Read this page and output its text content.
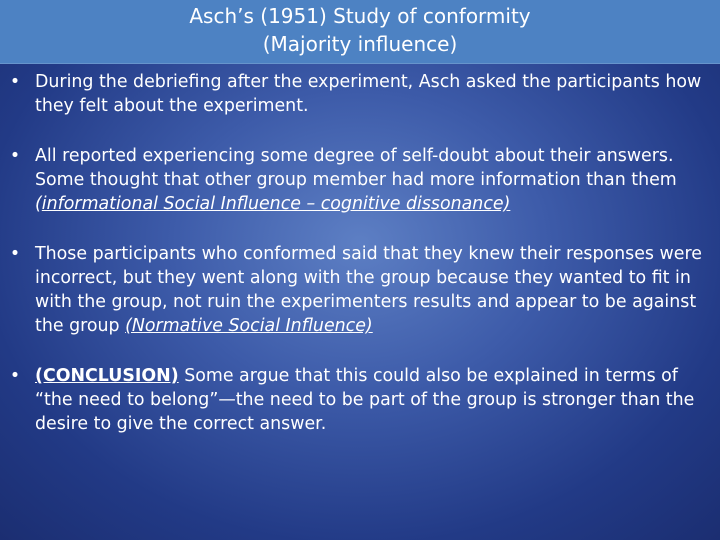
Asch’s (1951) Study of conformity
(Majority influence)
• During the debriefing after the experiment, Asch asked the participants how they felt about the experiment.
• All reported experiencing some degree of self-doubt about their answers. Some thought that other group member had more information than them (informational Social Influence – cognitive dissonance)
• Those participants who conformed said that they knew their responses were incorrect, but they went along with the group because they wanted to fit in with the group, not ruin the experimenters results and appear to be against the group (Normative Social Influence)
• (CONCLUSION) Some argue that this could also be explained in terms of “the need to belong”—the need to be part of the group is stronger than the desire to give the correct answer.
